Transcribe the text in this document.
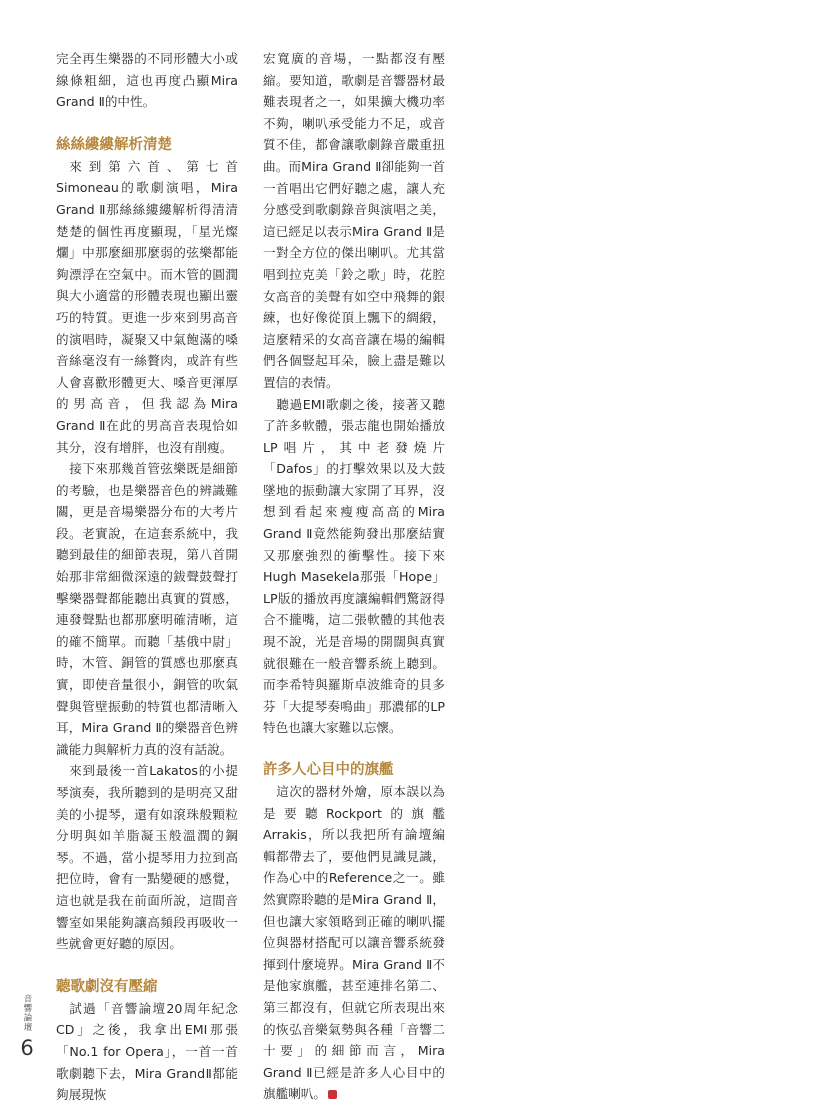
完全再生樂器的不同形體大小或線條粗細，這也再度凸顯Mira Grand Ⅱ的中性。

絲絲縷縷解析清楚

來到第六首、第七首Simoneau的歌劇演唱，Mira Grand Ⅱ那絲絲縷縷解析得清清楚楚的個性再度顯現，「星光燦爛」中那麼細那麼弱的弦樂都能夠漂浮在空氣中。而木管的圓潤與大小適當的形體表現也顯出靈巧的特質。更進一步來到男高音的演唱時，凝聚又中氣飽滿的嗓音絲毫沒有一絲贅肉，或許有些人會喜歡形體更大、嗓音更渾厚的男高音，但我認為Mira Grand Ⅱ在此的男高音表現恰如其分，沒有增胖，也沒有削瘦。

接下來那幾首管弦樂既是細節的考驗，也是樂器音色的辨識難關，更是音場樂器分布的大考片段。老實說，在這套系統中，我聽到最佳的細節表現，第八首開始那非常細微深遠的鈸聲鼓聲打擊樂器聲都能聽出真實的質感，連發聲點也都那麼明確清晰，這的確不簡單。而聽「基俄中尉」時，木管、銅管的質感也那麼真實，即使音量很小，銅管的吹氣聲與管壁振動的特質也都清晰入耳，Mira Grand Ⅱ的樂器音色辨識能力與解析力真的沒有話說。

來到最後一首Lakatos的小提琴演奏，我所聽到的是明亮又甜美的小提琴，還有如滾珠般顆粒分明與如羊脂凝玉般溫潤的鋼琴。不過，當小提琴用力拉到高把位時，會有一點變硬的感覺，這也就是我在前面所說，這間音響室如果能夠讓高頻段再吸收一些就會更好聽的原因。

聽歌劇沒有壓縮

試過「音響論壇20周年紀念CD」之後，我拿出EMI那張「No.1 for Opera」，一首一首歌劇聽下去，Mira GrandⅡ都能夠展現恢

宏寬廣的音場，一點都沒有壓縮。要知道，歌劇是音響器材最難表現者之一，如果擴大機功率不夠，喇叭承受能力不足，或音質不佳，都會讓歌劇錄音嚴重扭曲。而Mira Grand Ⅱ卻能夠一首一首唱出它們好聽之處，讓人充分感受到歌劇錄音與演唱之美，這已經足以表示Mira Grand Ⅱ是一對全方位的傑出喇叭。尤其當唱到拉克美「鈴之歌」時，花腔女高音的美聲有如空中飛舞的銀練，也好像從頂上飄下的綢緞，這麼精采的女高音讓在場的編輯們各個豎起耳朵，臉上盡是難以置信的表情。

聽過EMI歌劇之後，接著又聽了許多軟體，張志龍也開始播放LP唱片，其中老發燒片「Dafos」的打擊效果以及大鼓墜地的振動讓大家開了耳界，沒想到看起來瘦瘦高高的Mira Grand Ⅱ竟然能夠發出那麼結實又那麼強烈的衝擊性。接下來Hugh Masekela那張「Hope」LP版的播放再度讓編輯們驚訝得合不攏嘴，這二張軟體的其他表現不說，光是音場的開闊與真實就很難在一般音響系統上聽到。而李希特與羅斯卓波維奇的貝多芬「大提琴奏鳴曲」那濃郁的LP特色也讓大家難以忘懷。

許多人心目中的旗艦

這次的器材外燴，原本誤以為是要聽Rockport的旗艦Arrakis，所以我把所有論壇編輯都帶去了，要他們見識見識，作為心中的Reference之一。雖然實際聆聽的是Mira Grand Ⅱ，但也讓大家領略到正確的喇叭擺位與器材搭配可以讓音響系統發揮到什麼境界。Mira Grand Ⅱ不是他家旗艦，甚至連排名第二、第三都沒有，但就它所表現出來的恢弘音樂氣勢與各種「音響二十要」的細節而言，Mira Grand Ⅱ已經是許多人心目中的旗艦喇叭。

音響論壇
6
